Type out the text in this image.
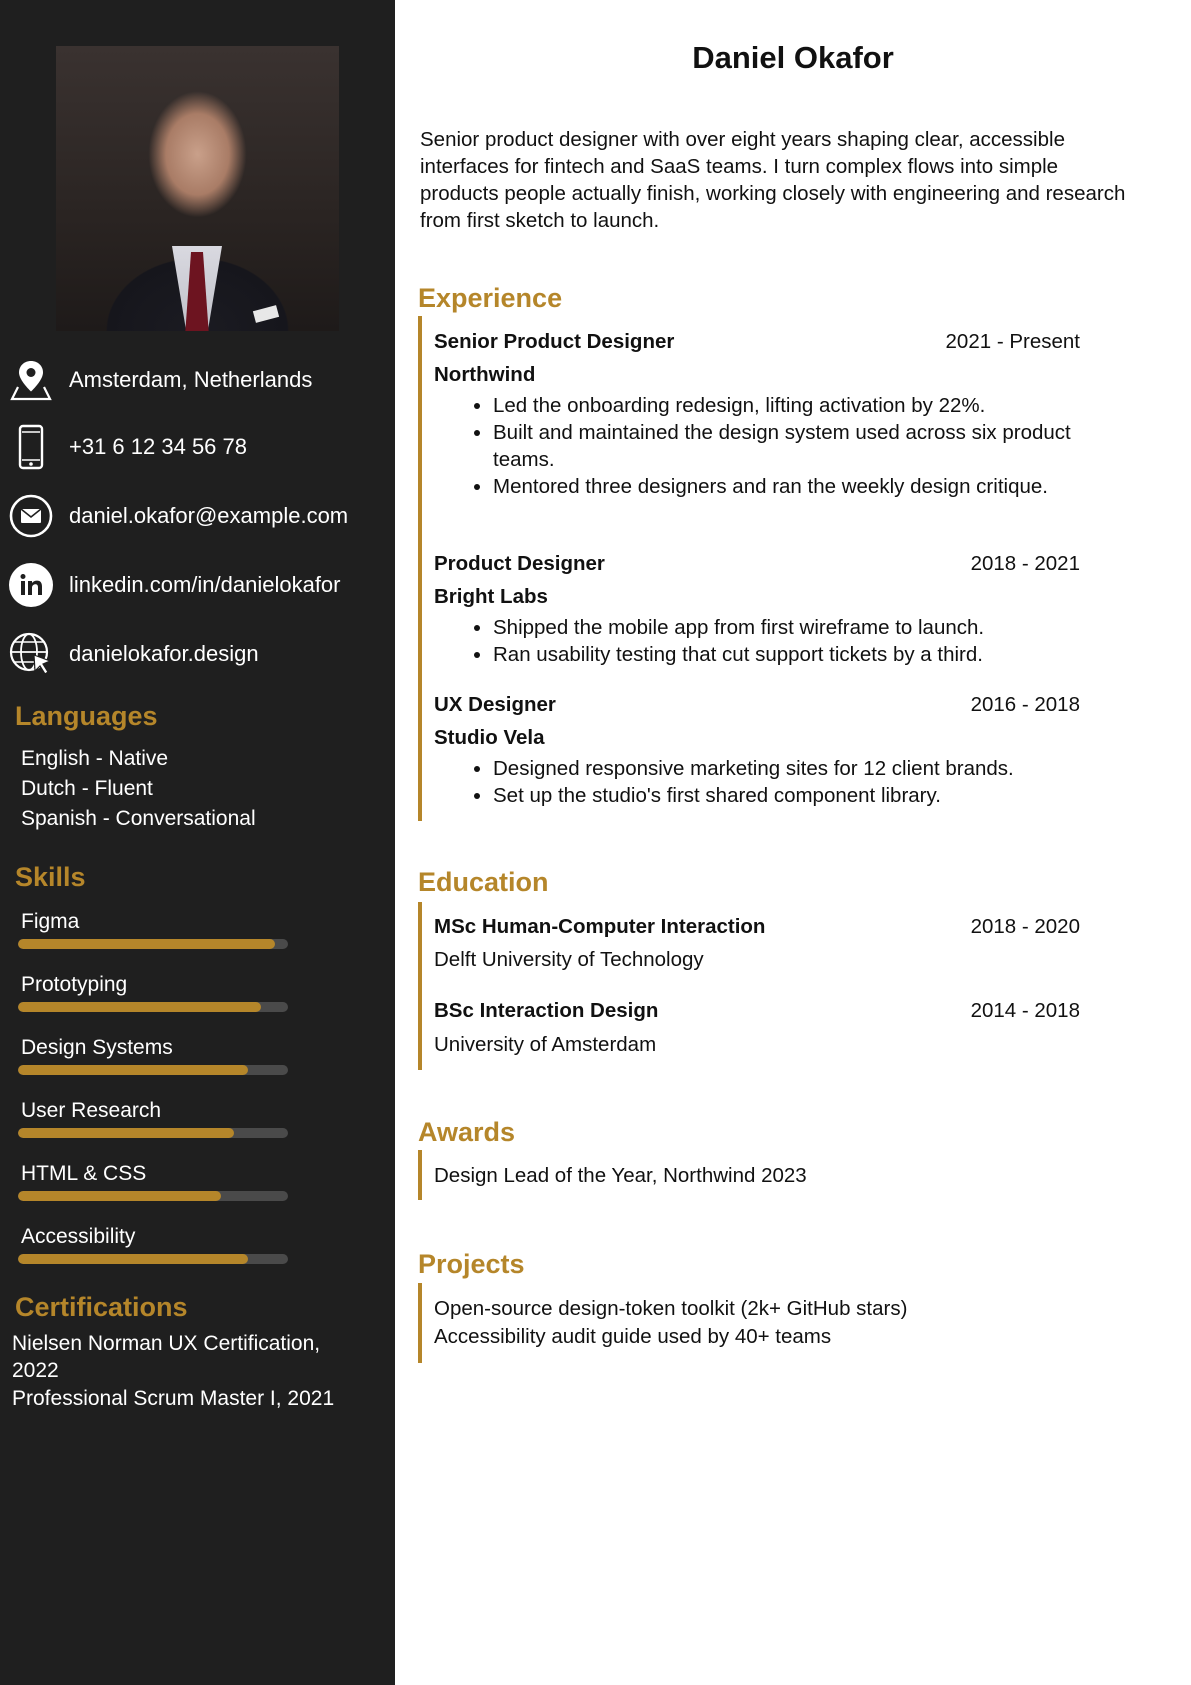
Amsterdam, Netherlands
+31 6 12 34 56 78
daniel.okafor@example.com
linkedin.com/in/danielokafor
danielokafor.design
Languages
English - Native
Dutch - Fluent
Spanish - Conversational
Skills
Figma
Prototyping
Design Systems
User Research
HTML & CSS
Accessibility
Certifications
Nielsen Norman UX Certification, 2022
Professional Scrum Master I, 2021
Daniel Okafor
Senior product designer with over eight years shaping clear, accessible interfaces for fintech and SaaS teams. I turn complex flows into simple products people actually finish, working closely with engineering and research from first sketch to launch.
Experience
Senior Product Designer	2021 - Present
Northwind
• Led the onboarding redesign, lifting activation by 22%.
• Built and maintained the design system used across six product teams.
• Mentored three designers and ran the weekly design critique.
Product Designer	2018 - 2021
Bright Labs
• Shipped the mobile app from first wireframe to launch.
• Ran usability testing that cut support tickets by a third.
UX Designer	2016 - 2018
Studio Vela
• Designed responsive marketing sites for 12 client brands.
• Set up the studio's first shared component library.
Education
MSc Human-Computer Interaction	2018 - 2020
Delft University of Technology
BSc Interaction Design	2014 - 2018
University of Amsterdam
Awards
Design Lead of the Year, Northwind 2023
Projects
Open-source design-token toolkit (2k+ GitHub stars)
Accessibility audit guide used by 40+ teams
